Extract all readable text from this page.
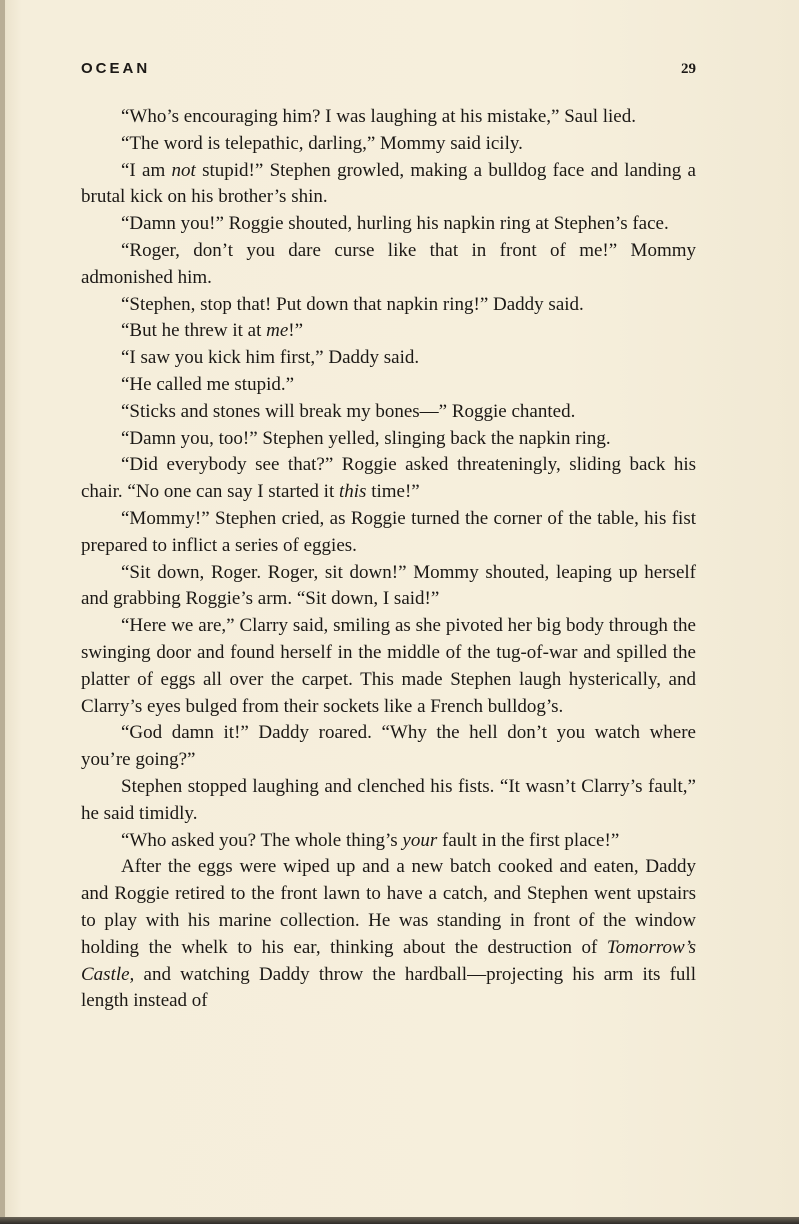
OCEAN	29

“Who’s encouraging him? I was laughing at his mistake,” Saul lied.

“The word is telepathic, darling,” Mommy said icily.

“I am not stupid!” Stephen growled, making a bulldog face and landing a brutal kick on his brother’s shin.

“Damn you!” Roggie shouted, hurling his napkin ring at Stephen’s face.

“Roger, don’t you dare curse like that in front of me!” Mommy admonished him.

“Stephen, stop that! Put down that napkin ring!” Daddy said.

“But he threw it at me!”

“I saw you kick him first,” Daddy said.

“He called me stupid.”

“Sticks and stones will break my bones—” Roggie chanted.

“Damn you, too!” Stephen yelled, slinging back the napkin ring.

“Did everybody see that?” Roggie asked threateningly, sliding back his chair. “No one can say I started it this time!”

“Mommy!” Stephen cried, as Roggie turned the corner of the table, his fist prepared to inflict a series of eggies.

“Sit down, Roger. Roger, sit down!” Mommy shouted, leaping up herself and grabbing Roggie’s arm. “Sit down, I said!”

“Here we are,” Clarry said, smiling as she pivoted her big body through the swinging door and found herself in the middle of the tug-of-war and spilled the platter of eggs all over the carpet. This made Stephen laugh hysterically, and Clarry’s eyes bulged from their sockets like a French bulldog’s.

“God damn it!” Daddy roared. “Why the hell don’t you watch where you’re going?”

Stephen stopped laughing and clenched his fists. “It wasn’t Clarry’s fault,” he said timidly.

“Who asked you? The whole thing’s your fault in the first place!”

After the eggs were wiped up and a new batch cooked and eaten, Daddy and Roggie retired to the front lawn to have a catch, and Stephen went upstairs to play with his marine collection. He was standing in front of the window holding the whelk to his ear, thinking about the destruction of Tomorrow’s Castle, and watching Daddy throw the hardball—projecting his arm its full length instead of
